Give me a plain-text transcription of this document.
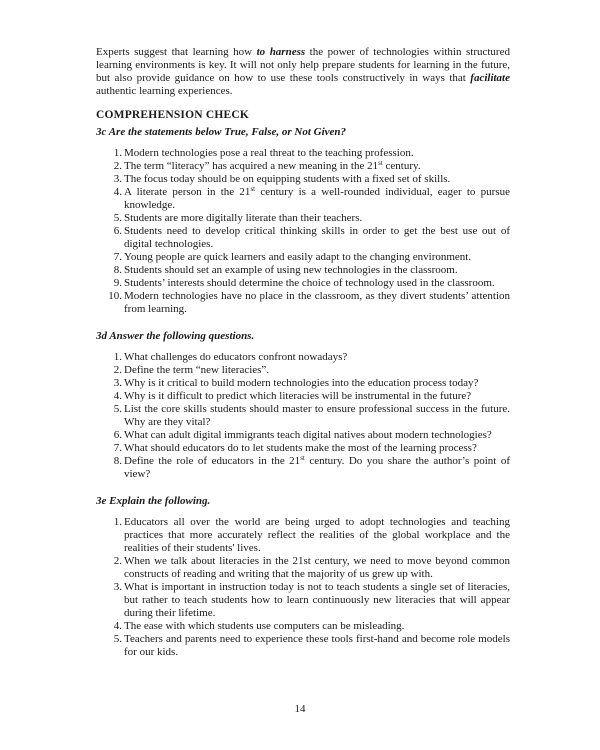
Experts suggest that learning how to harness the power of technologies within structured learning environments is key. It will not only help prepare students for learning in the future, but also provide guidance on how to use these tools constructively in ways that facilitate authentic learning experiences.

COMPREHENSION CHECK
3c Are the statements below True, False, or Not Given?
1 . Modern technologies pose a real threat to the teaching profession.
2 . The term “literacy” has acquired a new meaning in the 21st century.
3 . The focus today should be on equipping students with a fixed set of skills.
4 . A literate person in the 21st century is a well-rounded individual, eager to pursue knowledge.
5 . Students are more digitally literate than their teachers.
6 . Students need to develop critical thinking skills in order to get the best use out of digital technologies.
7 . Young people are quick learners and easily adapt to the changing environment.
8 . Students should set an example of using new technologies in the classroom.
9 . Students’ interests should determine the choice of technology used in the classroom.
10 . Modern technologies have no place in the classroom, as they divert students’ attention from learning.
3d Answer the following questions.
1 . What challenges do educators confront nowadays?
2 . Define the term “new literacies”.
3 . Why is it critical to build modern technologies into the education process today?
4 . Why is it difficult to predict which literacies will be instrumental in the future?
5 . List the core skills students should master to ensure professional success in the future. Why are they vital?
6 . What can adult digital immigrants teach digital natives about modern technologies?
7 . What should educators do to let students make the most of the learning process?
8 . Define the role of educators in the 21st century. Do you share the author’s point of view?
3e Explain the following.
1 . Educators all over the world are being urged to adopt technologies and teaching practices that more accurately reflect the realities of the global workplace and the realities of their students' lives.
2 . When we talk about literacies in the 21st century, we need to move beyond common constructs of reading and writing that the majority of us grew up with.
3 . What is important in instruction today is not to teach students a single set of literacies, but rather to teach students how to learn continuously new literacies that will appear during their lifetime.
4 . The ease with which students use computers can be misleading.
5 . Teachers and parents need to experience these tools first-hand and become role models for our kids.
14
